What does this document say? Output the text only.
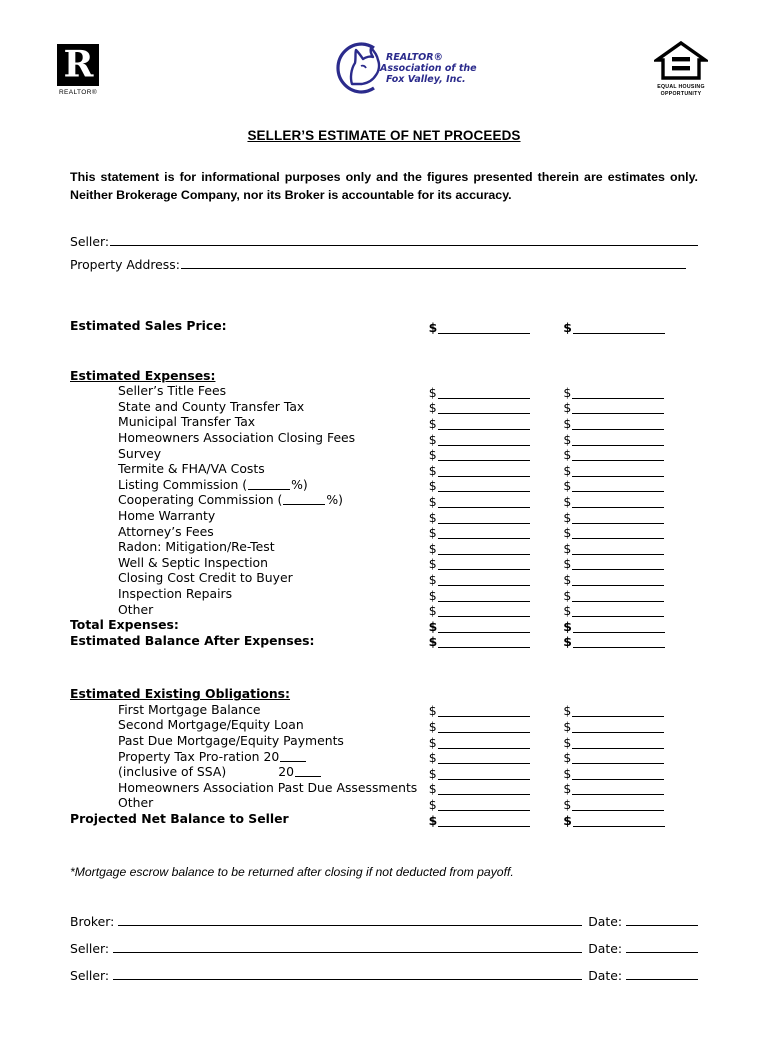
R
REALTOR®
REALTOR®
Association of the
Fox Valley, Inc.
EQUAL HOUSING
OPPORTUNITY
SELLER’S ESTIMATE OF NET PROCEEDS
This statement is for informational purposes only and the figures presented therein are estimates only. Neither Brokerage Company, nor its Broker is accountable for its accuracy.
Seller:
Property Address:
Estimated Sales Price:	$	$
Estimated Expenses:
Seller’s Title Fees	$	$
State and County Transfer Tax	$	$
Municipal Transfer Tax	$	$
Homeowners Association Closing Fees	$	$
Survey	$	$
Termite & FHA/VA Costs	$	$
Listing Commission (	%)	$	$
Cooperating Commission (	%)	$	$
Home Warranty	$	$
Attorney’s Fees	$	$
Radon: Mitigation/Re-Test	$	$
Well & Septic Inspection	$	$
Closing Cost Credit to Buyer	$	$
Inspection Repairs	$	$
Other	$	$
Total Expenses:	$	$
Estimated Balance After Expenses:	$	$
Estimated Existing Obligations:
First Mortgage Balance	$	$
Second Mortgage/Equity Loan	$	$
Past Due Mortgage/Equity Payments	$	$
Property Tax Pro-ration 20	$	$
(inclusive of SSA)	20	$	$
Homeowners Association Past Due Assessments $	$
Other	$	$
Projected Net Balance to Seller	$	$
*Mortgage escrow balance to be returned after closing if not deducted from payoff.
Broker:	Date:
Seller:	Date:
Seller:	Date:
